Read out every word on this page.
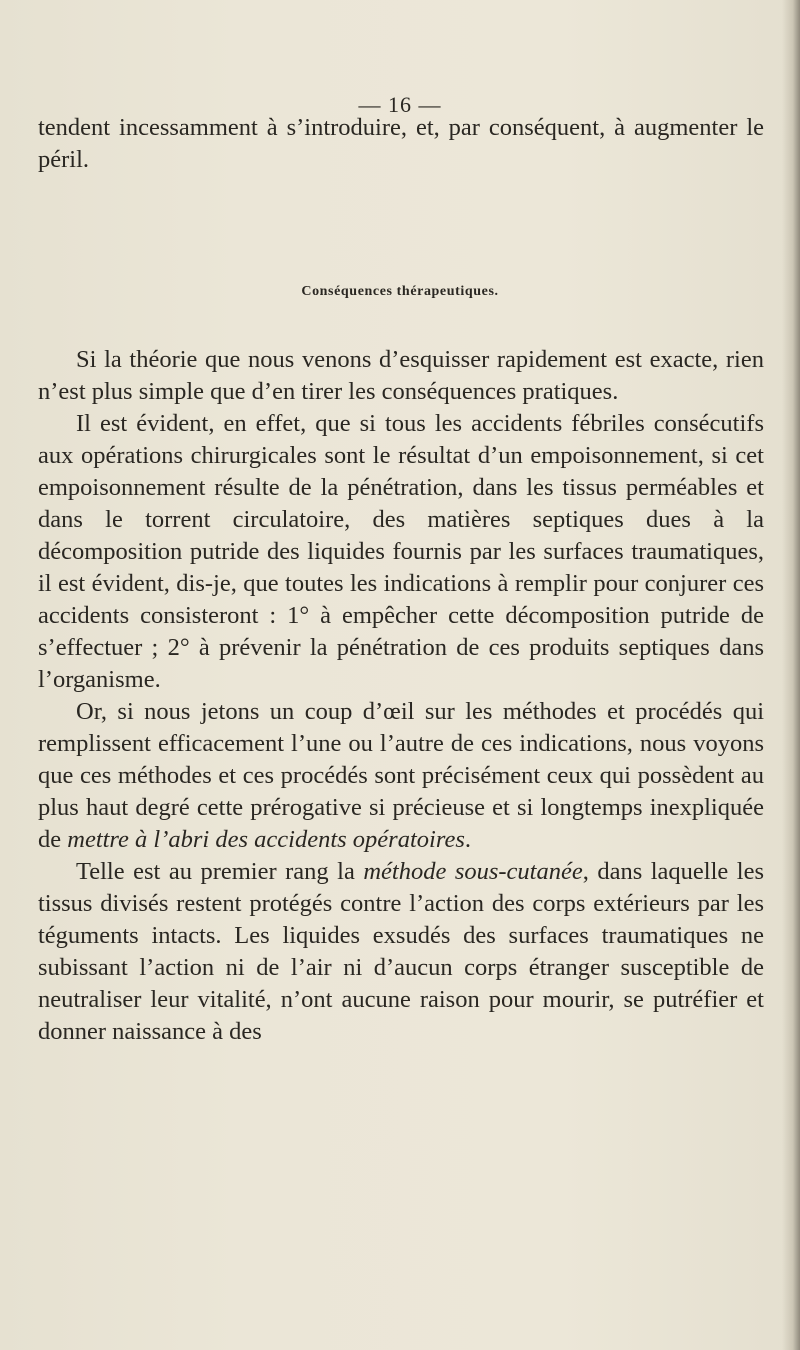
— 16 —
tendent incessamment à s’introduire, et, par conséquent, à augmenter le péril.
Conséquences thérapeutiques.

Si la théorie que nous venons d’esquisser rapidement est exacte, rien n’est plus simple que d’en tirer les conséquences pratiques.

Il est évident, en effet, que si tous les accidents fébriles consécutifs aux opérations chirurgicales sont le résultat d’un empoisonnement, si cet empoisonnement résulte de la pénétration, dans les tissus perméables et dans le torrent circulatoire, des matières septiques dues à la décomposition putride des liquides fournis par les surfaces traumatiques, il est évident, dis-je, que toutes les indications à remplir pour conjurer ces accidents consisteront : 1° à empêcher cette décomposition putride de s’effectuer ; 2° à prévenir la pénétration de ces produits septiques dans l’organisme.

Or, si nous jetons un coup d’œil sur les méthodes et procédés qui remplissent efficacement l’une ou l’autre de ces indications, nous voyons que ces méthodes et ces procédés sont précisément ceux qui possèdent au plus haut degré cette prérogative si précieuse et si longtemps inexpliquée de mettre à l’abri des accidents opératoires.

Telle est au premier rang la méthode sous-cutanée, dans laquelle les tissus divisés restent protégés contre l’action des corps extérieurs par les téguments intacts. Les liquides exsudés des surfaces traumatiques ne subissant l’action ni de l’air ni d’aucun corps étranger susceptible de neutraliser leur vitalité, n’ont aucune raison pour mourir, se putréfier et donner naissance à des
